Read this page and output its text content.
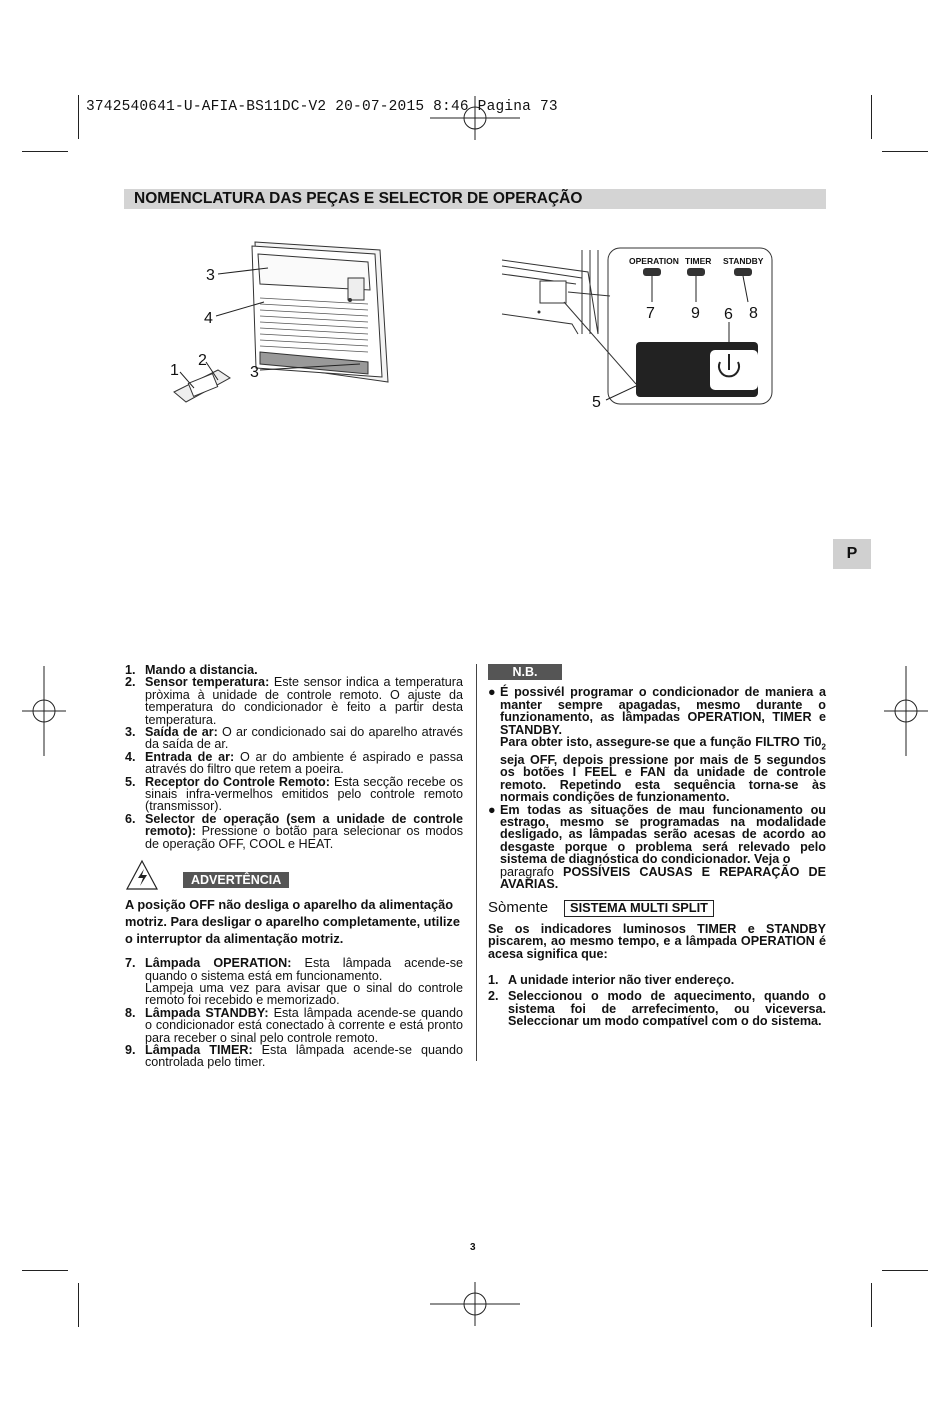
3742540641-U-AFIA-BS11DC-V2 20-07-2015 8:46 Pagina 73
NOMENCLATURA DAS PEÇAS E SELECTOR DE OPERAÇÃO
3
4
2
1	3
OPERATION TIMER STANDBY
7 9 6 8
5
P
1. Mando a distancia.
2. Sensor temperatura: Este sensor indica a temperatura pròxima à unidade de controle remoto. O ajuste da temperatura do condicionador è feito a partir desta temperatura.
3. Saída de ar: O ar condicionado sai do aparelho através da saída de ar.
4. Entrada de ar: O ar do ambiente é aspirado e passa através do filtro que retem a poeira.
5. Receptor do Controle Remoto: Esta secção recebe os sinais infra-vermelhos emitidos pelo controle remoto (transmissor).
6. Selector de operação (sem a unidade de controle remoto): Pressione o botão para selecionar os modos de operação OFF, COOL e HEAT.
ADVERTÊNCIA
A posição OFF não desliga o aparelho da alimentação motriz. Para desligar o aparelho completamente, utilize o interruptor da alimentação motriz.
7. Lâmpada OPERATION: Esta lâmpada acende-se quando o sistema está em funcionamento.
Lampeja uma vez para avisar que o sinal do controle remoto foi recebido e memorizado.
8. Lâmpada STANDBY: Esta lâmpada acende-se quando o condicionador está conectado à corrente e está pronto para receber o sinal pelo controle remoto.
9. Lâmpada TIMER: Esta lâmpada acende-se quando controlada pelo timer.
N.B.
● É possivél programar o condicionador de maniera a manter sempre apagadas, mesmo durante o funzionamento, as lâmpadas OPERATION, TIMER e STANDBY.
Para obter isto, assegure-se que a função FILTRO $Ti0_2$ seja OFF, depois pressione por mais de 5 segundos os botões I FEEL e FAN da unidade de controle remoto. Repetindo esta sequência torna-se às normais condições de funzionamento.
● Em todas as situações de mau funcionamento ou estrago, mesmo se programadas na modalidade desligado, as lâmpadas serão acesas de acordo ao desgaste porque o problema será relevado pelo sistema de diagnóstica do condicionador. Veja o
paragrafo POSSÍVEIS CAUSAS E REPARAÇÃO DE AVARIAS.
Sòmente	SISTEMA MULTI SPLIT
Se os indicadores luminosos TIMER e STANDBY piscarem, ao mesmo tempo, e a lâmpada OPERATION é acesa significa que:
1. A unidade interior não tiver endereço.
2. Seleccionou o modo de aquecimento, quando o sistema foi de arrefecimento, ou viceversa. Seleccionar um modo compatível com o do sistema.
3
